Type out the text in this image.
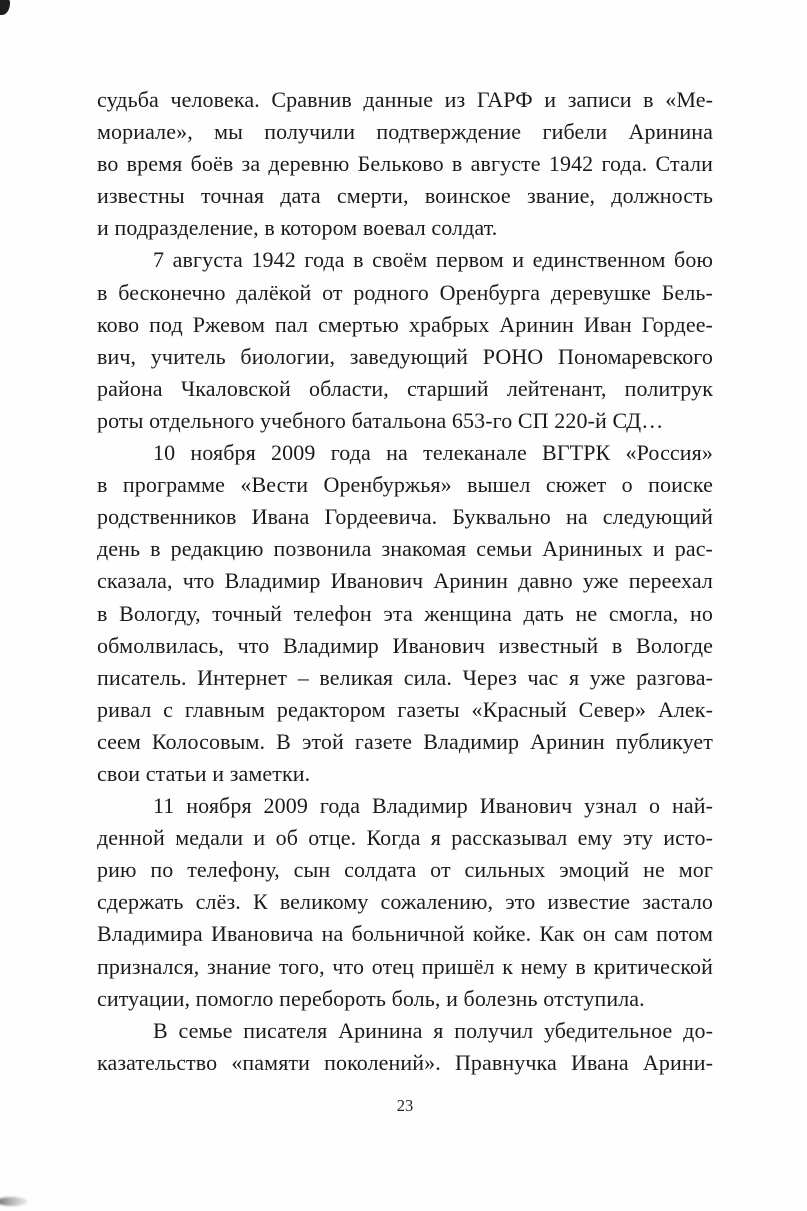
судьба человека. Сравнив данные из ГАРФ и записи в «Ме-
мориале», мы получили подтверждение гибели Аринина
во время боёв за деревню Бельково в августе 1942 года. Стали
известны точная дата смерти, воинское звание, должность
и подразделение, в котором воевал солдат.

7 августа 1942 года в своём первом и единственном бою
в бесконечно далёкой от родного Оренбурга деревушке Бель-
ково под Ржевом пал смертью храбрых Аринин Иван Гордее-
вич, учитель биологии, заведующий РОНО Пономаревского
района Чкаловской области, старший лейтенант, политрук
роты отдельного учебного батальона 653-го СП 220-й СД…

10 ноября 2009 года на телеканале ВГТРК «Россия»
в программе «Вести Оренбуржья» вышел сюжет о поиске
родственников Ивана Гордеевича. Буквально на следующий
день в редакцию позвонила знакомая семьи Арининых и рас-
сказала, что Владимир Иванович Аринин давно уже переехал
в Вологду, точный телефон эта женщина дать не смогла, но
обмолвилась, что Владимир Иванович известный в Вологде
писатель. Интернет – великая сила. Через час я уже разгова-
ривал с главным редактором газеты «Красный Север» Алек-
сеем Колосовым. В этой газете Владимир Аринин публикует
свои статьи и заметки.

11 ноября 2009 года Владимир Иванович узнал о най-
денной медали и об отце. Когда я рассказывал ему эту исто-
рию по телефону, сын солдата от сильных эмоций не мог
сдержать слёз. К великому сожалению, это известие застало
Владимира Ивановича на больничной койке. Как он сам потом
признался, знание того, что отец пришёл к нему в критической
ситуации, помогло перебороть боль, и болезнь отступила.

В семье писателя Аринина я получил убедительное до-
казательство «памяти поколений». Правнучка Ивана Арини-

23
